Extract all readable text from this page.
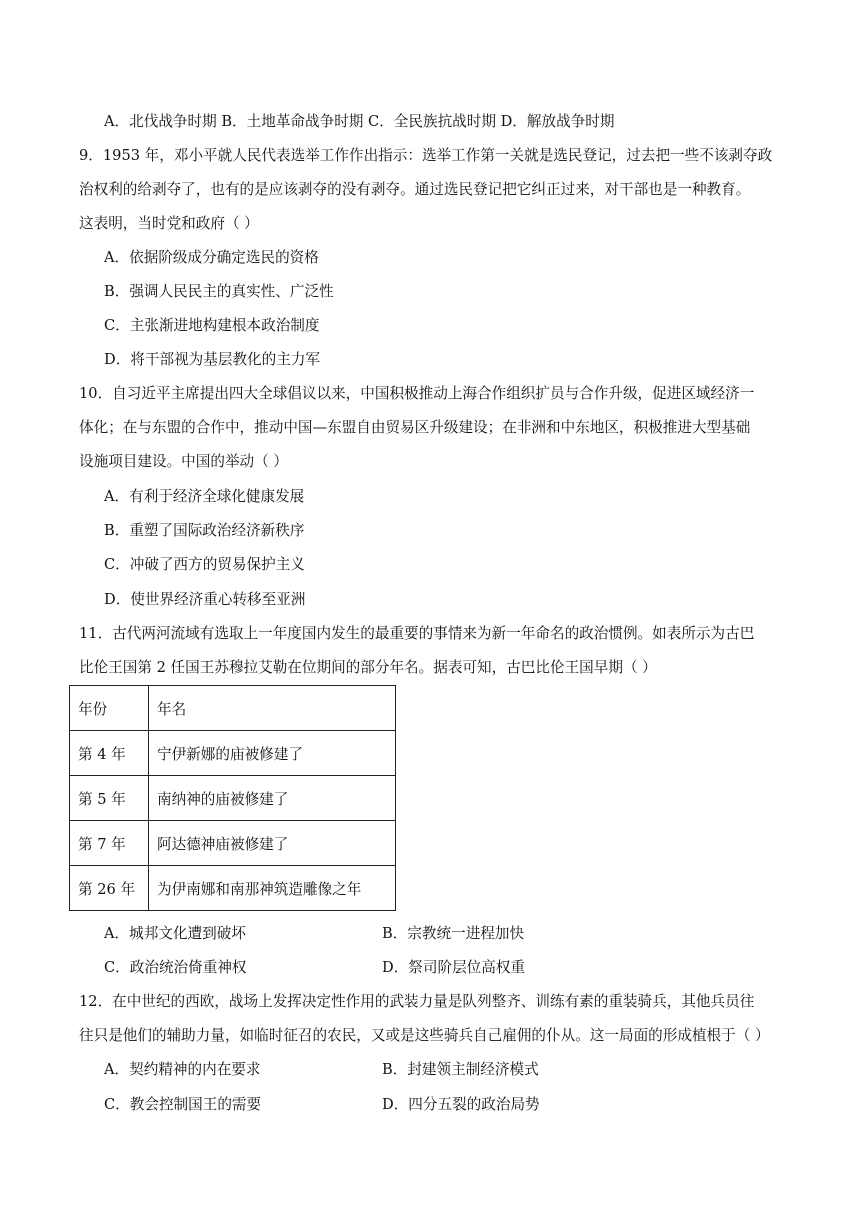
A．北伐战争时期 B．土地革命战争时期 C．全民族抗战时期 D．解放战争时期
9．1953 年，邓小平就人民代表选举工作作出指示：选举工作第一关就是选民登记，过去把一些不该剥夺政
治权利的给剥夺了，也有的是应该剥夺的没有剥夺。通过选民登记把它纠正过来，对干部也是一种教育。
这表明，当时党和政府（ ）
A．依据阶级成分确定选民的资格
B．强调人民民主的真实性、广泛性
C．主张渐进地构建根本政治制度
D．将干部视为基层教化的主力军
10．自习近平主席提出四大全球倡议以来，中国积极推动上海合作组织扩员与合作升级，促进区域经济一
体化；在与东盟的合作中，推动中国—东盟自由贸易区升级建设；在非洲和中东地区，积极推进大型基础
设施项目建设。中国的举动（ ）
A．有利于经济全球化健康发展
B．重塑了国际政治经济新秩序
C．冲破了西方的贸易保护主义
D．使世界经济重心转移至亚洲
11．古代两河流域有选取上一年度国内发生的最重要的事情来为新一年命名的政治惯例。如表所示为古巴
比伦王国第 2 任国王苏穆拉艾勒在位期间的部分年名。据表可知，古巴比伦王国早期（ ）
年份	年名
第 4 年	宁伊新娜的庙被修建了
第 5 年	南纳神的庙被修建了
第 7 年	阿达德神庙被修建了
第 26 年	为伊南娜和南那神筑造雕像之年
A．城邦文化遭到破坏	B．宗教统一进程加快
C．政治统治倚重神权	D．祭司阶层位高权重
12．在中世纪的西欧，战场上发挥决定性作用的武装力量是队列整齐、训练有素的重装骑兵，其他兵员往
往只是他们的辅助力量，如临时征召的农民，又或是这些骑兵自己雇佣的仆从。这一局面的形成植根于（ ）
A．契约精神的内在要求	B．封建领主制经济模式
C．教会控制国王的需要	D．四分五裂的政治局势
